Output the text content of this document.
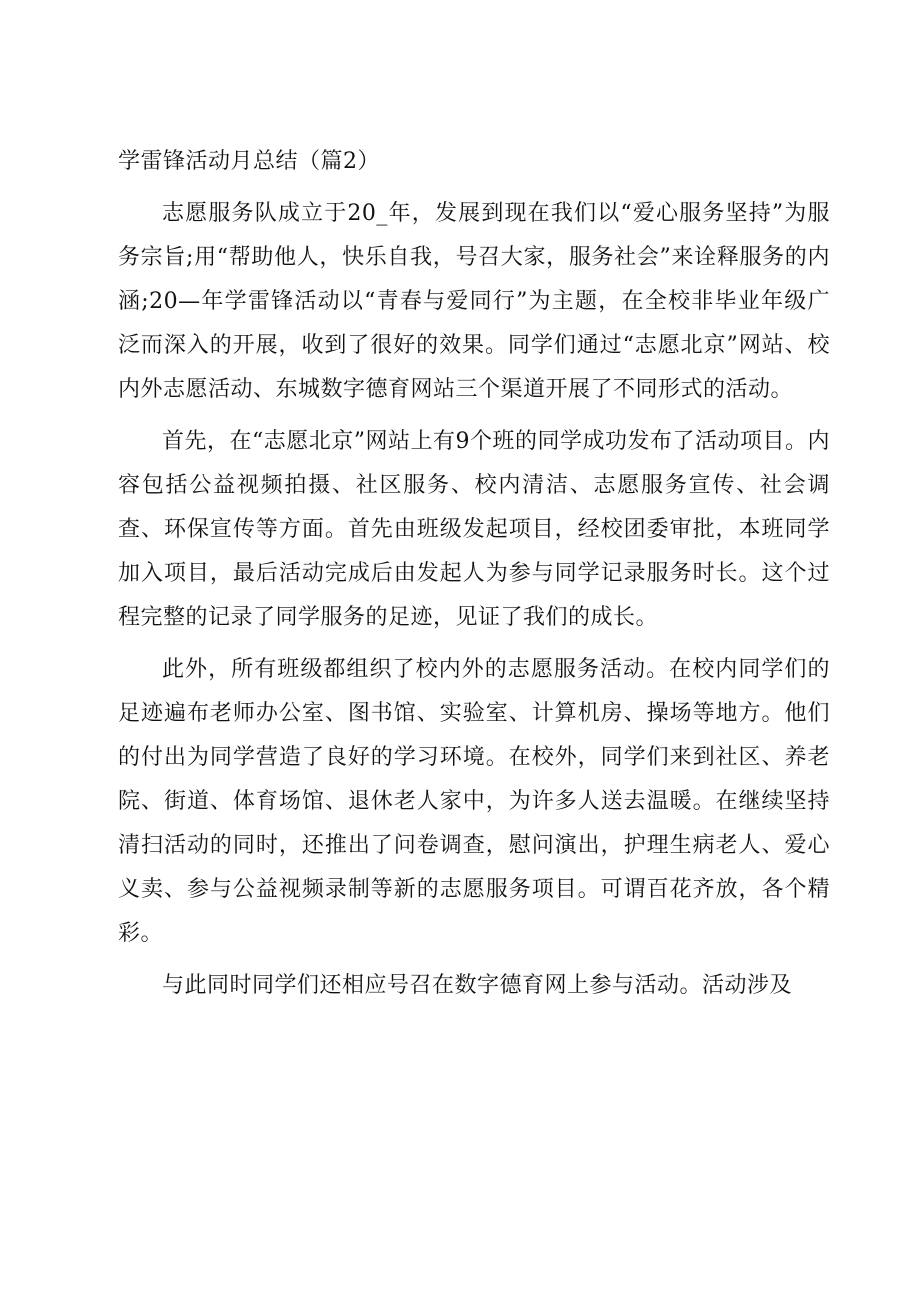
学雷锋活动月总结（篇2）

志愿服务队成立于20_年，发展到现在我们以“爱心服务坚持”为服务宗旨;用“帮助他人，快乐自我，号召大家，服务社会”来诠释服务的内涵;20—年学雷锋活动以“青春与爱同行”为主题，在全校非毕业年级广泛而深入的开展，收到了很好的效果。同学们通过“志愿北京”网站、校内外志愿活动、东城数字德育网站三个渠道开展了不同形式的活动。

首先，在“志愿北京”网站上有9个班的同学成功发布了活动项目。内容包括公益视频拍摄、社区服务、校内清洁、志愿服务宣传、社会调查、环保宣传等方面。首先由班级发起项目，经校团委审批，本班同学加入项目，最后活动完成后由发起人为参与同学记录服务时长。这个过程完整的记录了同学服务的足迹，见证了我们的成长。

此外，所有班级都组织了校内外的志愿服务活动。在校内同学们的足迹遍布老师办公室、图书馆、实验室、计算机房、操场等地方。他们的付出为同学营造了良好的学习环境。在校外，同学们来到社区、养老院、街道、体育场馆、退休老人家中，为许多人送去温暖。在继续坚持清扫活动的同时，还推出了问卷调查，慰问演出，护理生病老人、爱心义卖、参与公益视频录制等新的志愿服务项目。可谓百花齐放，各个精彩。

与此同时同学们还相应号召在数字德育网上参与活动。活动涉及
